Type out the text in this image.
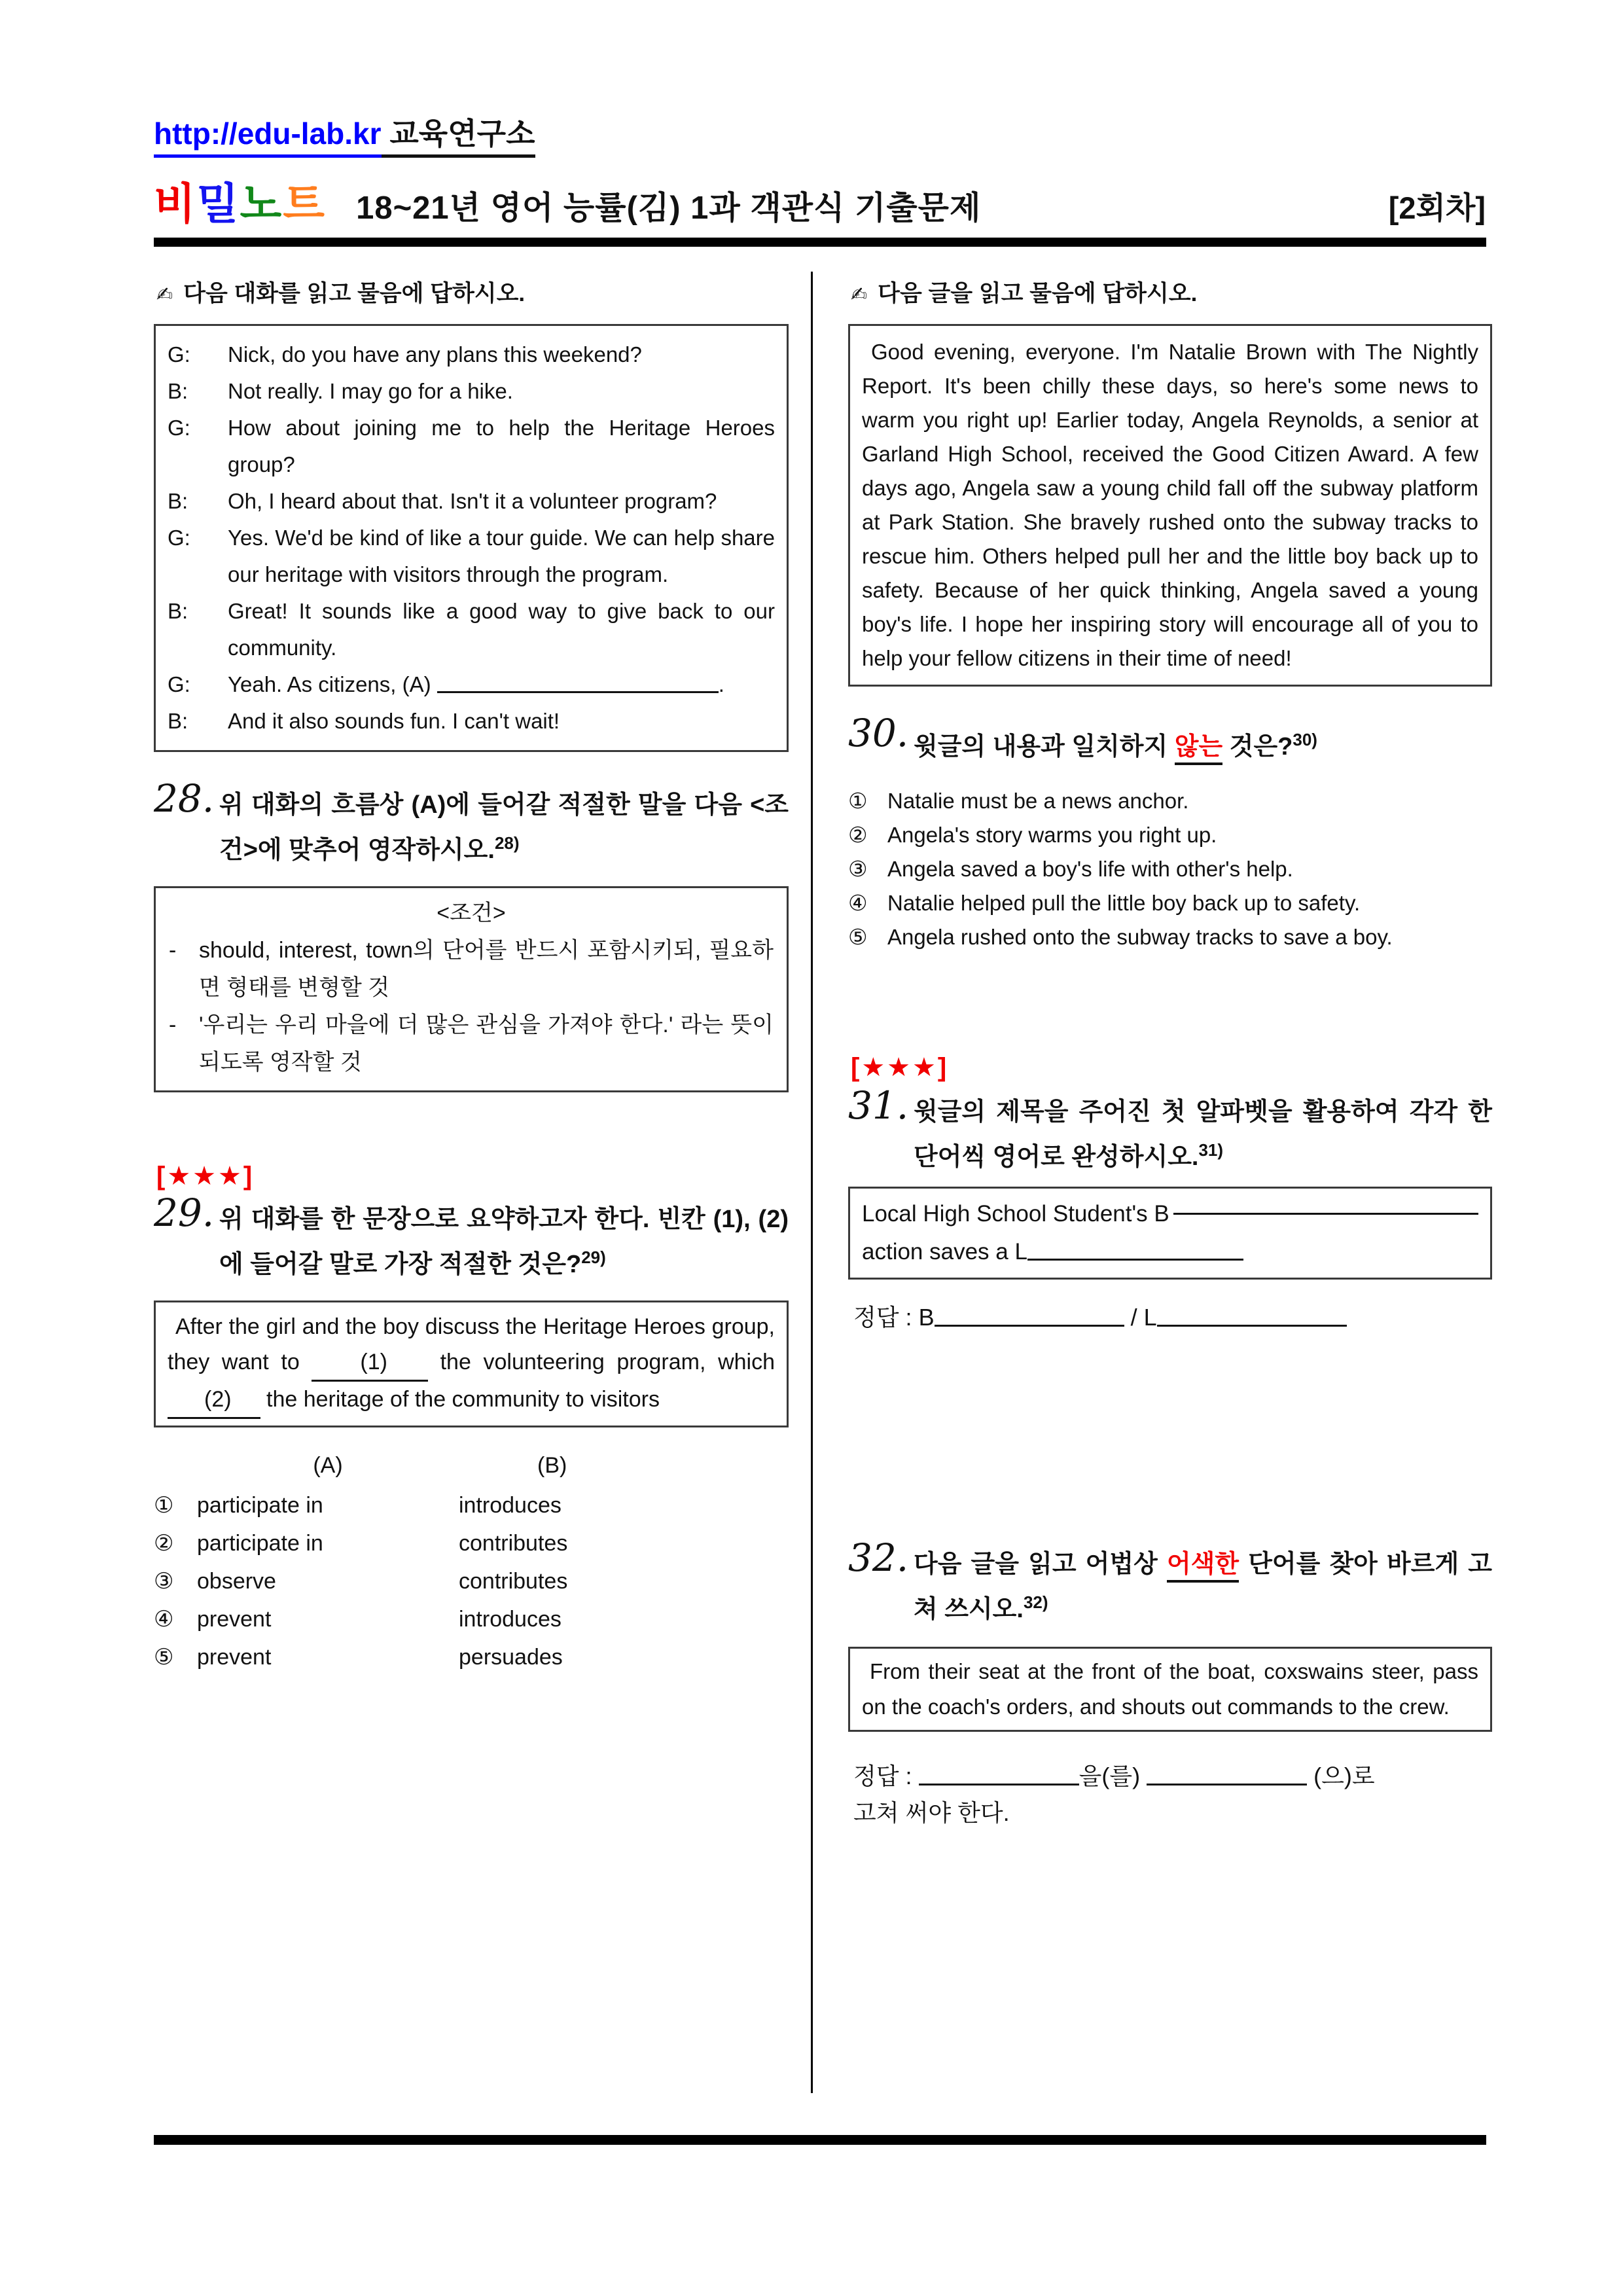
http://edu-lab.kr 교육연구소
비밀노트 18~21년 영어 능률(김) 1과 객관식 기출문제	[2회차]
✍ 다음 대화를 읽고 물음에 답하시오.
G:	Nick, do you have any plans this weekend?
B:	Not really. I may go for a hike.
G:	How about joining me to help the Heritage Heroes group?
B:	Oh, I heard about that. Isn't it a volunteer program?
G:	Yes. We'd be kind of like a tour guide. We can help share our heritage with visitors through the program.
B:	Great! It sounds like a good way to give back to our community.
G:	Yeah. As citizens, (A)	.
B:	And it also sounds fun. I can't wait!
28. 위 대화의 흐름상 (A)에 들어갈 적절한 말을 다음 <조건>에 맞추어 영작하시오.$^{28)}$
<조건>
-	should, interest, town의 단어를 반드시 포함시키되, 필요하면 형태를 변형할 것
-	'우리는 우리 마을에 더 많은 관심을 가져야 한다.' 라는 뜻이 되도록 영작할 것
[★★★]
29. 위 대화를 한 문장으로 요약하고자 한다. 빈칸 (1), (2)에 들어갈 말로 가장 적절한 것은?$^{29)}$

After the girl and the boy discuss the Heritage Heroes group, they want to (1) the volunteering program, which (2) the heritage of the community to visitors

(A)	(B)
①	participate in	introduces
②	participate in	contributes
③	observe	contributes
④	prevent	introduces
⑤	prevent	persuades
✍ 다음 글을 읽고 물음에 답하시오.

Good evening, everyone. I'm Natalie Brown with The Nightly Report. It's been chilly these days, so here's some news to warm you right up! Earlier today, Angela Reynolds, a senior at Garland High School, received the Good Citizen Award. A few days ago, Angela saw a young child fall off the subway platform at Park Station. She bravely rushed onto the subway tracks to rescue him. Others helped pull her and the little boy back up to safety. Because of her quick thinking, Angela saved a young boy's life. I hope her inspiring story will encourage all of you to help your fellow citizens in their time of need!

30. 윗글의 내용과 일치하지 않는 것은?$^{30)}$
① Natalie must be a news anchor.
② Angela's story warms you right up.
③ Angela saved a boy's life with other's help.
④ Natalie helped pull the little boy back up to safety.
⑤ Angela rushed onto the subway tracks to save a boy.
[★★★]
31. 윗글의 제목을 주어진 첫 알파벳을 활용하여 각각 한 단어씩 영어로 완성하시오.$^{31)}$
Local High School Student's B
action saves a L
정답 : B	/ L
32. 다음 글을 읽고 어법상 어색한 단어를 찾아 바르게 고쳐 쓰시오.$^{32)}$

From their seat at the front of the boat, coxswains steer, pass on the coach's orders, and shouts out commands to the crew.

정답 :	을(를)	(으)로
고쳐 써야 한다.
